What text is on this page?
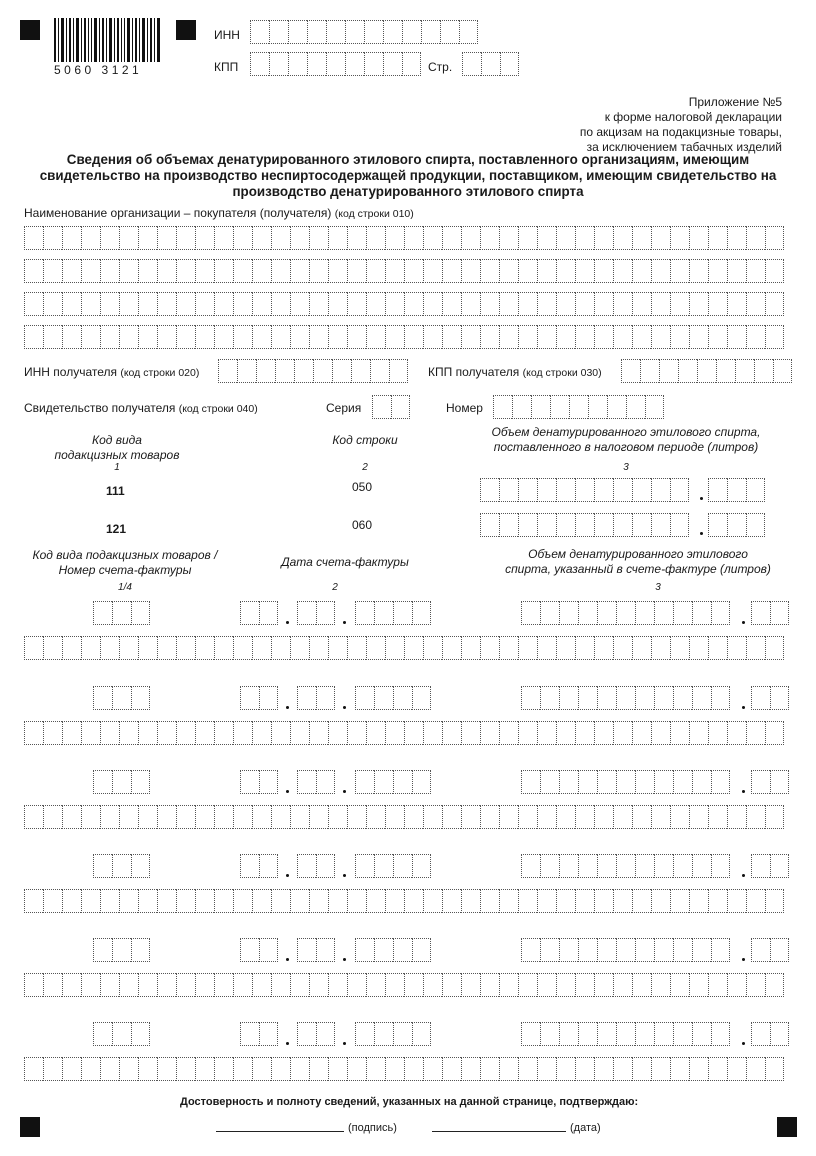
5060 3121
ИНН
КПП	Стр.
Приложение №5
к форме налоговой декларации
по акцизам на подакцизные товары,
за исключением табачных изделий
Сведения об объемах денатурированного этилового спирта, поставленного организациям, имеющим
свидетельство на производство неспиртосодержащей продукции, поставщиком, имеющим свидетельство на
производство денатурированного этилового спирта
Наименование организации – покупателя (получателя) (код строки 010)
ИНН получателя (код строки 020)	КПП получателя (код строки 030)
Свидетельство получателя (код строки 040)	Серия	Номер
Код вида
подакцизных товаров
1
Код строки
2
Объем денатурированного этилового спирта,
поставленного в налоговом периоде (литров)
3
111	050
121	060
Код вида подакцизных товаров /
Номер счета-фактуры
1/4
Дата счета-фактуры
2
Объем денатурированного этилового
спирта, указанный в счете-фактуре (литров)
3
Достоверность и полноту сведений, указанных на данной странице, подтверждаю:
(подпись)	(дата)
